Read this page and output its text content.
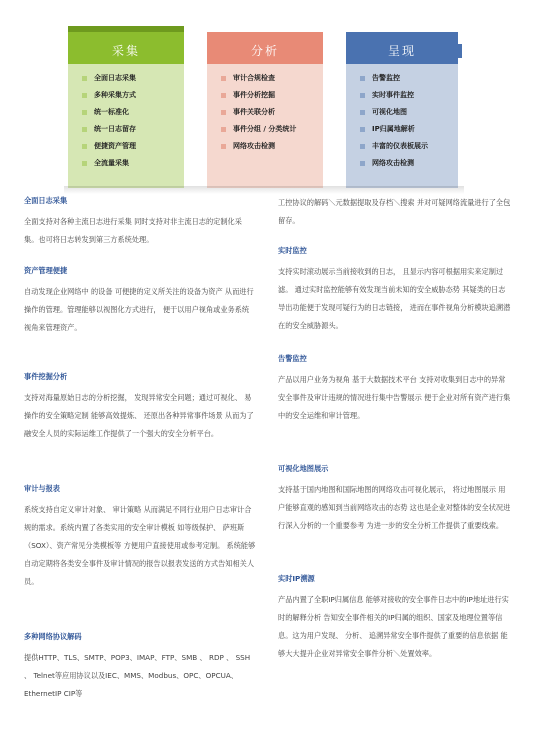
采集
全面日志采集
多种采集方式
统一标准化
统一日志留存
便捷资产管理
全流量采集
分析
审计合规检查
事件分析挖掘
事件关联分析
事件分组 / 分类统计
网络攻击检测
呈现
告警监控
实时事件监控
可视化地图
IP归属地解析
丰富的仪表板展示
网络攻击检测
全面日志采集

全面支持对各种主流日志进行采集 同时支持对非主流日志的定制化采集。也可将日志转发到第三方系统处理。

资产管理便捷

自动发现企业网络中 的设备 可便捷的定义所关注的设备为资产 从而进行操作的管理。管理能够以视图化方式进行， 便于以用户视角或业务系统视角来管理资产。

事件挖掘分析

支持对海量原始日志的分析挖掘， 发现异常安全问题；通过可视化、 易操作的安全策略定制 能够高效提炼、 还原出各种异常事件场景 从而为了融安全人员的实际运维工作提供了一个强大的安全分析平台。

审计与报表

系统支持自定义审计对象、 审计策略 从而满足不同行业用户日志审计合规的需求。系统内置了各类实用的安全审计模板 如等级保护、 萨班斯（SOX）、资产常见分类模板等 方便用户直接使用或参考定制。 系统能够自动定期将各类安全事件及审计情况的报告以报表发送的方式告知相关人员。

多种网络协议解码

提供HTTP、TLS、SMTP、POP3、IMAP、FTP、SMB 、 RDP 、 SSH 、 Telnet等应用协议以及IEC、MMS、Modbus、OPC、OPCUA、EthernetIP CIP等

工控协议的解码＼元数据提取及存档＼搜索 并对可疑网络流量进行了全包留存。

实时监控

支持实时滚动展示当前接收到的日志， 且显示内容可根据用实来定制过滤。 通过实时监控能够有效发现当前未知的安全威胁态势 其疑类的日志导出功能便于发现可疑行为的日志链接， 进而在事件视角分析模块追溯潜在的安全威胁源头。

告警监控

产品以用户业务为视角 基于大数据技术平台 支持对收集到日志中的异常安全事件及审计违规的情况进行集中告警展示 便于企业对所有资产进行集中的安全运维和审计管理。

可视化地图展示

支持基于国内地图和国际地图的网络攻击可视化展示， 将过地图展示 用户能够直观的感知到当前网络攻击的态势 这也是企业对整体的安全状况进行深入分析的一个重要参考 为进一步的安全分析工作提供了重要线索。

实时IP溯源

产品内置了全职IP归属信息 能够对接收的安全事件日志中的IP地址进行实时的解释分析 告知安全事件相关的IP归属的组织、国家及地理位置等信息。这为用户发现、 分析、 追溯异常安全事件提供了重要的信息依据 能够大大提升企业对异常安全事件分析＼处置效率。
